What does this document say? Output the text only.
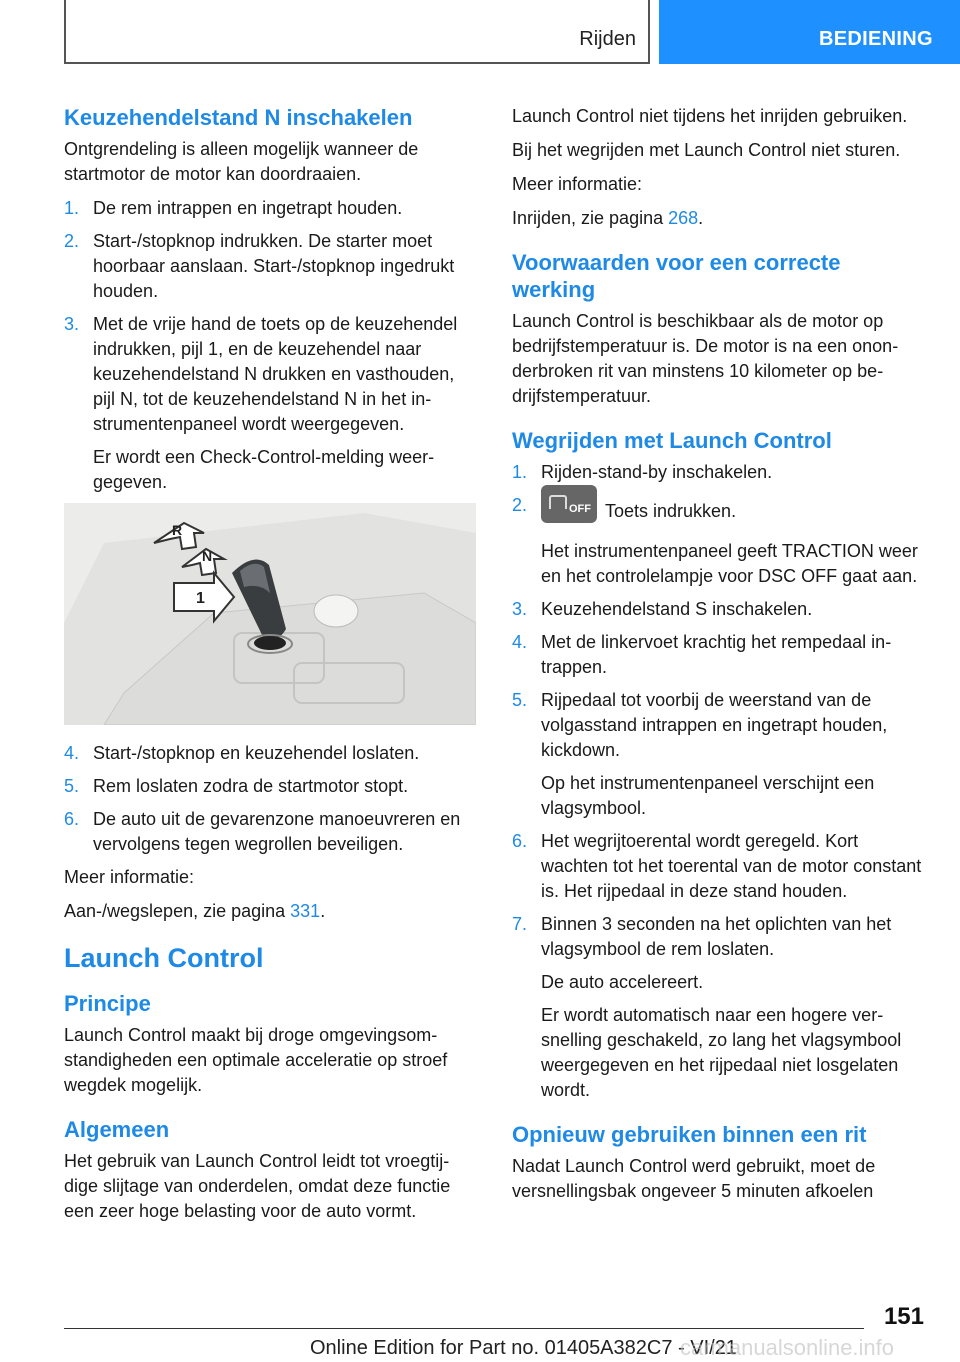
Rijden	BEDIENING
Keuzehendelstand N inschakelen

Ontgrendeling is alleen mogelijk wanneer de startmotor de motor kan doordraaien.

1. De rem intrappen en ingetrapt houden.
2. Start-/stopknop indrukken. De starter moet hoorbaar aanslaan. Start-/stopknop ingedrukt houden.
3. Met de vrije hand de toets op de keuzehendel indrukken, pijl 1, en de keuzehendel naar keuzehendelstand N drukken en vasthouden, pijl N, tot de keuzehendelstand N in het instrumentenpaneel wordt weergegeven.

Er wordt een Check-Control-melding weergegeven.

R
N
1
4. Start-/stopknop en keuzehendel loslaten.
5. Rem loslaten zodra de startmotor stopt.
6. De auto uit de gevarenzone manoeuvreren en vervolgens tegen wegrollen beveiligen.

Meer informatie:

Aan-/wegslepen, zie pagina 331.

Launch Control
Principe

Launch Control maakt bij droge omgevingsomstandigheden een optimale acceleratie op stroef wegdek mogelijk.

Algemeen

Het gebruik van Launch Control leidt tot vroegtijdige slijtage van onderdelen, omdat deze functie een zeer hoge belasting voor de auto vormt.

Launch Control niet tijdens het inrijden gebruiken.

Bij het wegrijden met Launch Control niet sturen.

Meer informatie:

Inrijden, zie pagina 268.

Voorwaarden voor een correcte werking

Launch Control is beschikbaar als de motor op bedrijfstemperatuur is. De motor is na een ononderbroken rit van minstens 10 kilometer op bedrijfstemperatuur.

Wegrijden met Launch Control
1. Rijden-stand-by inschakelen.
2.	OFF Toets indrukken.

Het instrumentenpaneel geeft TRACTION weer en het controlelampje voor DSC OFF gaat aan.

3. Keuzehendelstand S inschakelen.
4. Met de linkervoet krachtig het rempedaal intrappen.
5. Rijpedaal tot voorbij de weerstand van de volgasstand intrappen en ingetrapt houden, kickdown.

Op het instrumentenpaneel verschijnt een vlagsymbool.

6. Het wegrijtoerental wordt geregeld. Kort wachten tot het toerental van de motor constant is. Het rijpedaal in deze stand houden.
7. Binnen 3 seconden na het oplichten van het vlagsymbool de rem loslaten.

De auto accelereert.

Er wordt automatisch naar een hogere versnelling geschakeld, zo lang het vlagsymbool weergegeven en het rijpedaal niet losgelaten wordt.

Opnieuw gebruiken binnen een rit

Nadat Launch Control werd gebruikt, moet de versnellingsbak ongeveer 5 minuten afkoelen

151
Online Edition for Part no. 01405A382C7 - VI/21
carmanualsonline.info
